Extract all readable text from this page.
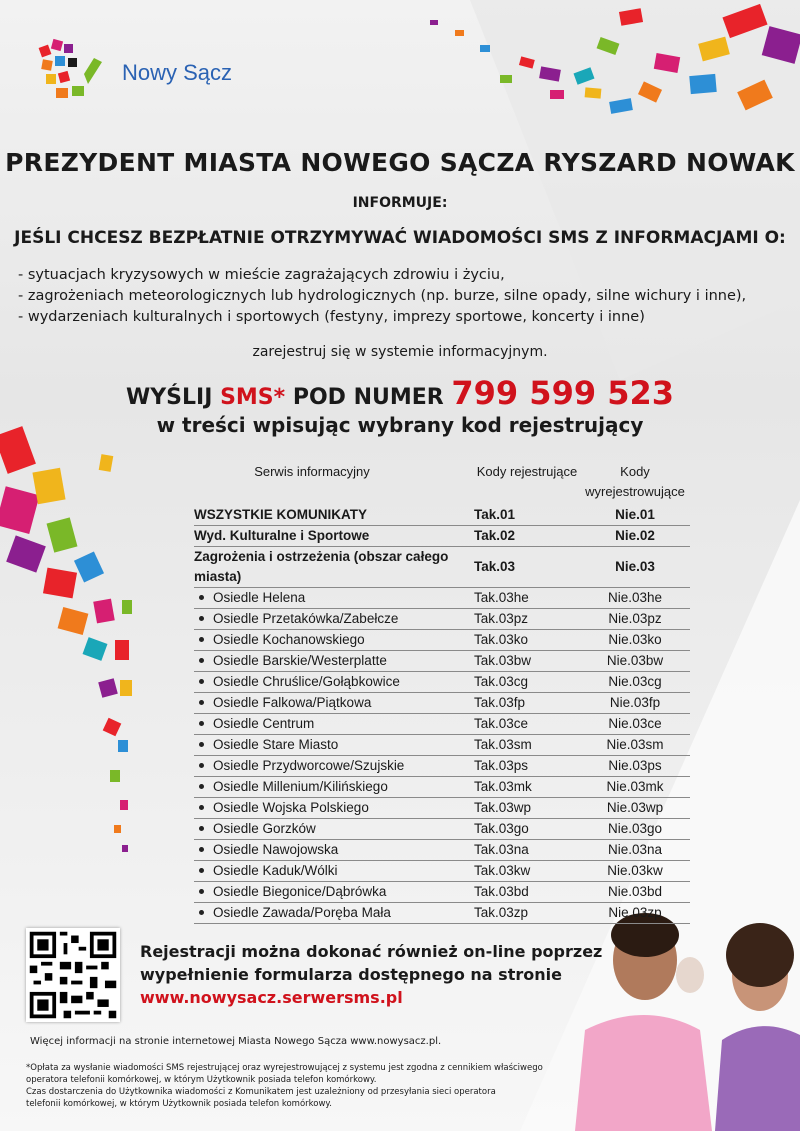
Nowy Sącz
PREZYDENT MIASTA NOWEGO SĄCZA RYSZARD NOWAK
INFORMUJE:
JEŚLI CHCESZ BEZPŁATNIE OTRZYMYWAĆ WIADOMOŚCI SMS Z INFORMACJAMI O:
- sytuacjach kryzysowych w mieście zagrażających zdrowiu i życiu,
- zagrożeniach meteorologicznych lub hydrologicznych (np. burze, silne opady, silne wichury i inne),
- wydarzeniach kulturalnych i sportowych (festyny, imprezy sportowe, koncerty i inne)
zarejestruj się w systemie informacyjnym.
WYŚLIJ SMS* POD NUMER 799 599 523
w treści wpisując wybrany kod rejestrujący
Serwis informacyjny	Kody rejestrujące	Kody wyrejestrowujące
WSZYSTKIE KOMUNIKATY	Tak.01	Nie.01
Wyd. Kulturalne i Sportowe	Tak.02	Nie.02
Zagrożenia i ostrzeżenia (obszar całego miasta)	Tak.03	Nie.03
Osiedle Helena	Tak.03he	Nie.03he
Osiedle Przetakówka/Zabełcze	Tak.03pz	Nie.03pz
Osiedle Kochanowskiego	Tak.03ko	Nie.03ko
Osiedle Barskie/Westerplatte	Tak.03bw	Nie.03bw
Osiedle Chruślice/Gołąbkowice	Tak.03cg	Nie.03cg
Osiedle Falkowa/Piątkowa	Tak.03fp	Nie.03fp
Osiedle Centrum	Tak.03ce	Nie.03ce
Osiedle Stare Miasto	Tak.03sm	Nie.03sm
Osiedle Przydworcowe/Szujskie	Tak.03ps	Nie.03ps
Osiedle Millenium/Kilińskiego	Tak.03mk	Nie.03mk
Osiedle Wojska Polskiego	Tak.03wp	Nie.03wp
Osiedle Gorzków	Tak.03go	Nie.03go
Osiedle Nawojowska	Tak.03na	Nie.03na
Osiedle Kaduk/Wólki	Tak.03kw	Nie.03kw
Osiedle Biegonice/Dąbrówka	Tak.03bd	Nie.03bd
Osiedle Zawada/Poręba Mała	Tak.03zp	Nie.03zp
Rejestracji można dokonać również on-line poprzez
wypełnienie formularza dostępnego na stronie
www.nowysacz.serwersms.pl
Więcej informacji na stronie internetowej Miasta Nowego Sącza www.nowysacz.pl.
*Opłata za wysłanie wiadomości SMS rejestrującej oraz wyrejestrowującej z systemu jest zgodna z cennikiem właściwego
operatora telefonii komórkowej, w którym Użytkownik posiada telefon komórkowy.
Czas dostarczenia do Użytkownika wiadomości z Komunikatem jest uzależniony od przesyłania sieci operatora
telefonii komórkowej, w którym Użytkownik posiada telefon komórkowy.
